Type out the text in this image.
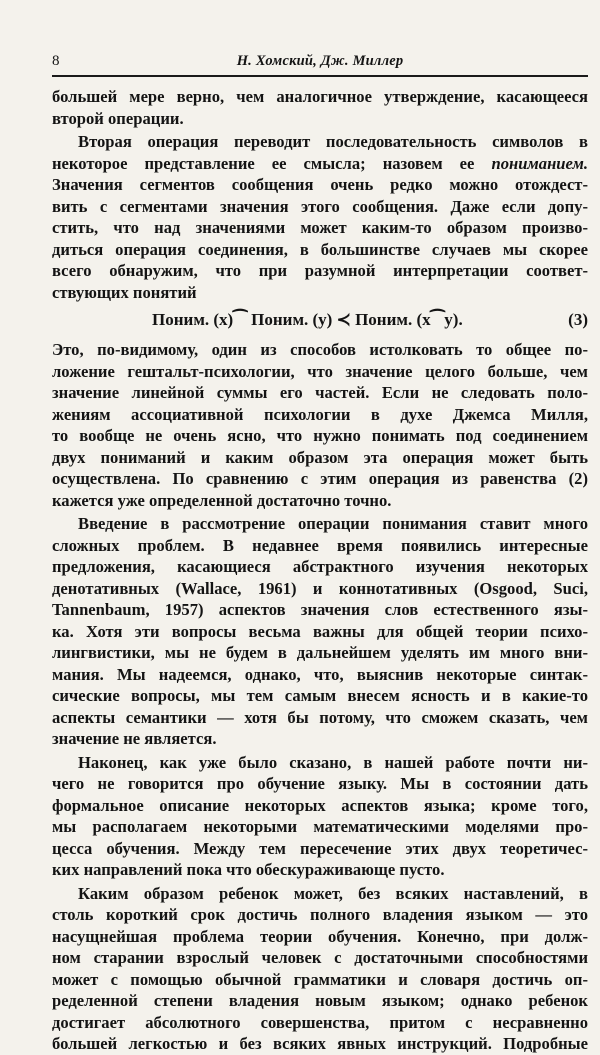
8	Н. Хомский, Дж. Миллер
большей мере верно, чем аналогичное утверждение, касающееся
второй операции.
Вторая операция переводит последовательность символов в
некоторое представление ее смысла; назовем ее пониманием.
Значения сегментов сообщения очень редко можно отождест-
вить с сегментами значения этого сообщения. Даже если допу-
стить, что над значениями может каким-то образом произво-
диться операция соединения, в большинстве случаев мы скорее
всего обнаружим, что при разумной интерпретации соответ-
ствующих понятий
Поним. (x)⁀ Поним. (y) ≺ Поним. (x⁀y).	(3)
Это, по-видимому, один из способов истолковать то общее по-
ложение гештальт-психологии, что значение целого больше, чем
значение линейной суммы его частей. Если не следовать поло-
жениям ассоциативной психологии в духе Джемса Милля,
то вообще не очень ясно, что нужно понимать под соединением
двух пониманий и каким образом эта операция может быть
осуществлена. По сравнению с этим операция из равенства (2)
кажется уже определенной достаточно точно.
Введение в рассмотрение операции понимания ставит много
сложных проблем. В недавнее время появились интересные
предложения, касающиеся абстрактного изучения некоторых
денотативных (Wallace, 1961) и коннотативных (Osgood, Suci,
Tannenbaum, 1957) аспектов значения слов естественного язы-
ка. Хотя эти вопросы весьма важны для общей теории психо-
лингвистики, мы не будем в дальнейшем уделять им много вни-
мания. Мы надеемся, однако, что, выяснив некоторые синтак-
сические вопросы, мы тем самым внесем ясность и в какие-то
аспекты семантики — хотя бы потому, что сможем сказать, чем
значение не является.
Наконец, как уже было сказано, в нашей работе почти ни-
чего не говорится про обучение языку. Мы в состоянии дать
формальное описание некоторых аспектов языка; кроме того,
мы располагаем некоторыми математическими моделями про-
цесса обучения. Между тем пересечение этих двух теоретичес-
ких направлений пока что обескураживающе пусто.
Каким образом ребенок может, без всяких наставлений, в
столь короткий срок достичь полного владения языком — это
насущнейшая проблема теории обучения. Конечно, при долж-
ном старании взрослый человек с достаточными способностями
может с помощью обычной грамматики и словаря достичь оп-
ределенной степени владения новым языком; однако ребенок
достигает абсолютного совершенства, притом с несравненно
большей легкостью и без всяких явных инструкций. Подробные
